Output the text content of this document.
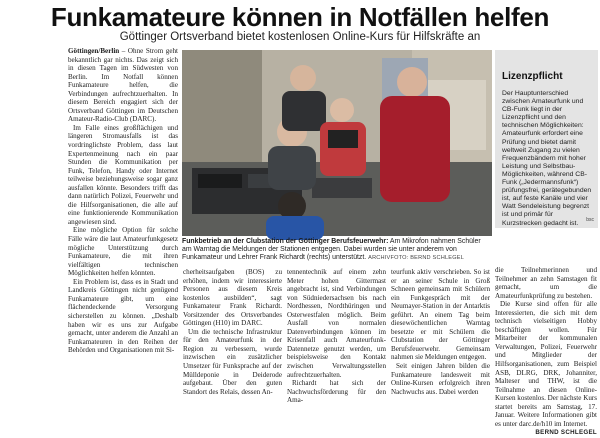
Funkamateure können in Notfällen helfen
Göttinger Ortsverband bietet kostenlosen Online-Kurs für Hilfskräfte an

Göttingen/Berlin – Ohne Strom geht bekanntlich gar nichts. Das zeigt sich in diesen Tagen im Südwesten von Berlin. Im Notfall können Funkamateure helfen, die Verbindungen aufrechtzuerhalten. In diesem Bereich engagiert sich der Ortsverband Göttingen im Deutschen Amateur-Radio-Club (DARC).

Im Falle eines großflächigen und längeren Stromausfalls ist das vordringlichste Problem, dass laut Expertenmeinung nach ein paar Stunden die Kommunikation per Funk, Telefon, Handy oder Internet teilweise beziehungsweise sogar ganz ausfallen könnte. Besonders trifft das dann natürlich Polizei, Feuerwehr und die Hilfsorganisationen, die alle auf eine funktionierende Kommunikation angewiesen sind.

Eine mögliche Option für solche Fälle wäre die laut Amateurfunkgesetz mögliche Unterstützung durch Funkamateure, die mit ihren vielfältigen technischen Möglichkeiten helfen könnten.

Ein Problem ist, dass es in Stadt und Landkreis Göttingen nicht genügend Funkamateure gibt, um eine flächendeckende Versorgung sicherstellen zu können. „Deshalb haben wir es uns zur Aufgabe gemacht, unter anderem die Anzahl an Funkamateuren in den Reihen der Behörden und Organisationen mit Si-

Funkbetrieb an der Clubstation der Göttinger Berufsfeuerwehr: Am Mikrofon nahmen Schüler am Warntag die Meldungen der Stationen entgegen. Dabei wurden sie unter anderem von Funkamateur und Lehrer Frank Richardt (rechts) unterstützt. ARCHIVFOTO: BERND SCHLEGEL
Lizenzpflicht
Der Hauptunterschied zwischen Amateurfunk und CB-Funk liegt in der Lizenzpflicht und den technischen Möglichkeiten: Amateurfunk erfordert eine Prüfung und bietet damit weltweit Zugang zu vielen Frequenzbändern mit hoher Leistung und Selbstbau-Möglichkeiten, während CB-Funk („Jedermannsfunk“) prüfungsfrei, gerätegebunden ist, auf feste Kanäle und vier Watt Sendeleistung begrenzt ist und primär für Kurzstrecken gedacht ist.	bsc

cherheitsaufgaben (BOS) zu erhöhen, indem wir interessierte Personen aus diesem Kreis kostenlos ausbilden“, sagt Funkamateur Frank Richardt. Vorsitzender des Ortsverbandes Göttingen (H10) im DARC.

Um die technische Infrastruktur für den Amateurfunk in der Region zu verbessern, wurde inzwischen ein zusätzlicher Umsetzer für Funksprache auf der Mülldeponie in Deiderode aufgebaut. Über den guten Standort des Relais, dessen An-

tennentechnik auf einem zehn Meter hohen Gittermast angebracht ist, sind Verbindungen von Südniedersachsen bis nach Nordhessen, Nordthüringen und Osterwestfalen möglich. Beim Ausfall von normalen Datenverbindungen können im Krisenfall auch Amateurfunk-Datennetze genutzt werden, um beispielsweise den Kontakt zwischen Verwaltungsstellen aufrechtzuerhalten.

Richardt hat sich der Nachwuchsförderung für den Ama-

teurfunk aktiv verschrieben. So ist er an seiner Schule in Groß Schneen gemeinsam mit Schülern ein Funkgespräch mit der Neumayer-Station in der Antarktis geführt. An einem Tag beim diesewöchentlichen Warntag besetzte er mit Schülern die Clubstation der Göttinger Berufsfeuerwehr. Gemeinsam nahmen sie Meldungen entgegen.

Seit einigen Jahren bilden die Funkamateure landesweit mit Online-Kursen erfolgreich ihren Nachwuchs aus. Dabei werden

die Teilnehmerinnen und Teilnehmer an zehn Samstagen fit gemacht, um die Amateurfunkprüfung zu bestehen.

Die Kurse sind offen für alle Interessierten, die sich mit dem technisch vielseitigen Hobby beschäftigen wollen. Für Mitarbeiter der kommunalen Verwaltungen, Polizei, Feuerwehr und Mitglieder der Hilfsorganisationen, zum Beispiel ASB, DLRG, DRK, Johanniter, Malteser und THW, ist die Teilnahme an diesen Online-Kursen kostenlos. Der nächste Kurs startet bereits am Samstag, 17. Januar. Weitere Informationen gibt es unter darc.de/h10 im Internet.

BERND SCHLEGEL
